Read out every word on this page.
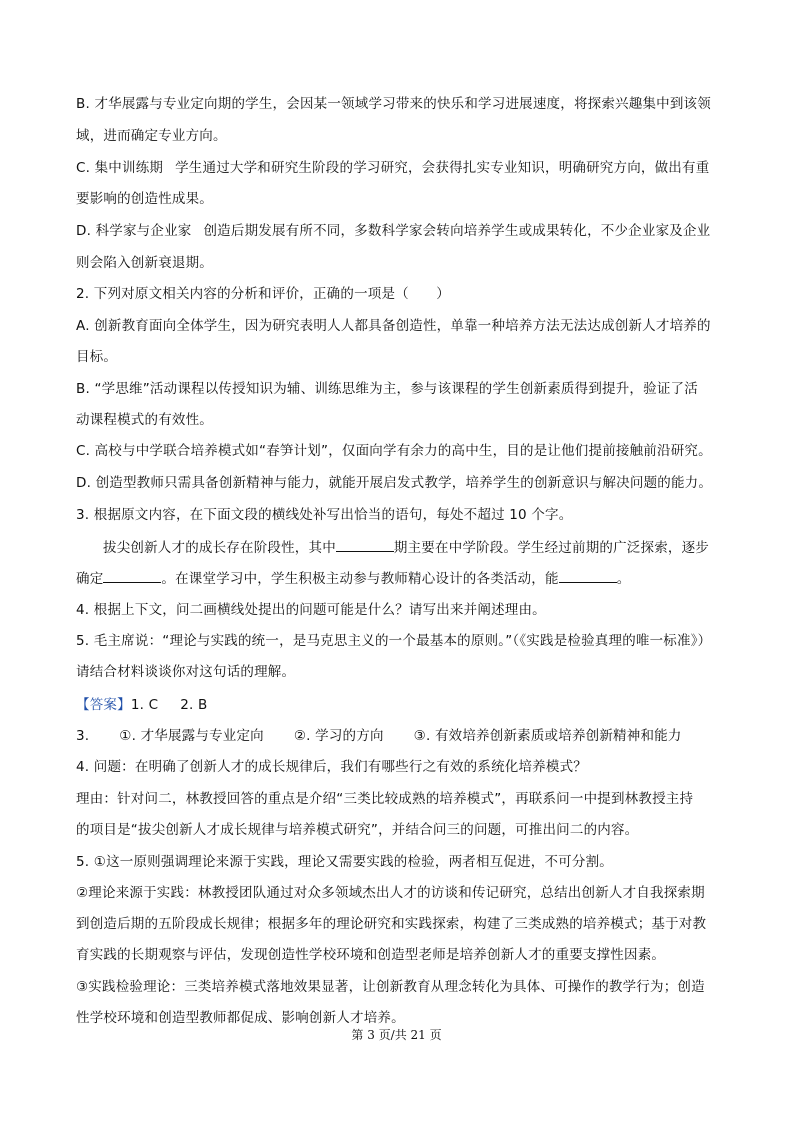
B. 才华展露与专业定向期的学生，会因某一领域学习带来的快乐和学习进展速度，将探索兴趣集中到该领
域，进而确定专业方向。
C. 集中训练期 学生通过大学和研究生阶段的学习研究，会获得扎实专业知识，明确研究方向，做出有重
要影响的创造性成果。
D. 科学家与企业家 创造后期发展有所不同，多数科学家会转向培养学生或成果转化，不少企业家及企业
则会陷入创新衰退期。
2. 下列对原文相关内容的分析和评价，正确的一项是（　　）
A. 创新教育面向全体学生，因为研究表明人人都具备创造性，单靠一种培养方法无法达成创新人才培养的
目标。
B. “学思维”活动课程以传授知识为辅、训练思维为主，参与该课程的学生创新素质得到提升，验证了活
动课程模式的有效性。
C. 高校与中学联合培养模式如“春笋计划”，仅面向学有余力的高中生，目的是让他们提前接触前沿研究。
D. 创造型教师只需具备创新精神与能力，就能开展启发式教学，培养学生的创新意识与解决问题的能力。
3. 根据原文内容，在下面文段的横线处补写出恰当的语句，每处不超过 10 个字。
拔尖创新人才的成长存在阶段性，其中	期主要在中学阶段。学生经过前期的广泛探索，逐步
确定	。在课堂学习中，学生积极主动参与教师精心设计的各类活动，能	。
4. 根据上下文，问二画横线处提出的问题可能是什么？请写出来并阐述理由。
5. 毛主席说：“理论与实践的统一，是马克思主义的一个最基本的原则。”（《实践是检验真理的唯一标准》）
请结合材料谈谈你对这句话的理解。
【答案】1. C 2. B
3. ①. 才华展露与专业定向 ②. 学习的方向 ③. 有效培养创新素质或培养创新精神和能力
4. 问题：在明确了创新人才的成长规律后，我们有哪些行之有效的系统化培养模式？
理由：针对问二，林教授回答的重点是介绍“三类比较成熟的培养模式”，再联系问一中提到林教授主持
的项目是“拔尖创新人才成长规律与培养模式研究”，并结合问三的问题，可推出问二的内容。
5. ①这一原则强调理论来源于实践，理论又需要实践的检验，两者相互促进，不可分割。
②理论来源于实践：林教授团队通过对众多领域杰出人才的访谈和传记研究，总结出创新人才自我探索期
到创造后期的五阶段成长规律；根据多年的理论研究和实践探索，构建了三类成熟的培养模式；基于对教
育实践的长期观察与评估，发现创造性学校环境和创造型老师是培养创新人才的重要支撑性因素。
③实践检验理论：三类培养模式落地效果显著，让创新教育从理念转化为具体、可操作的教学行为；创造
性学校环境和创造型教师都促成、影响创新人才培养。
第 3 页/共 21 页
